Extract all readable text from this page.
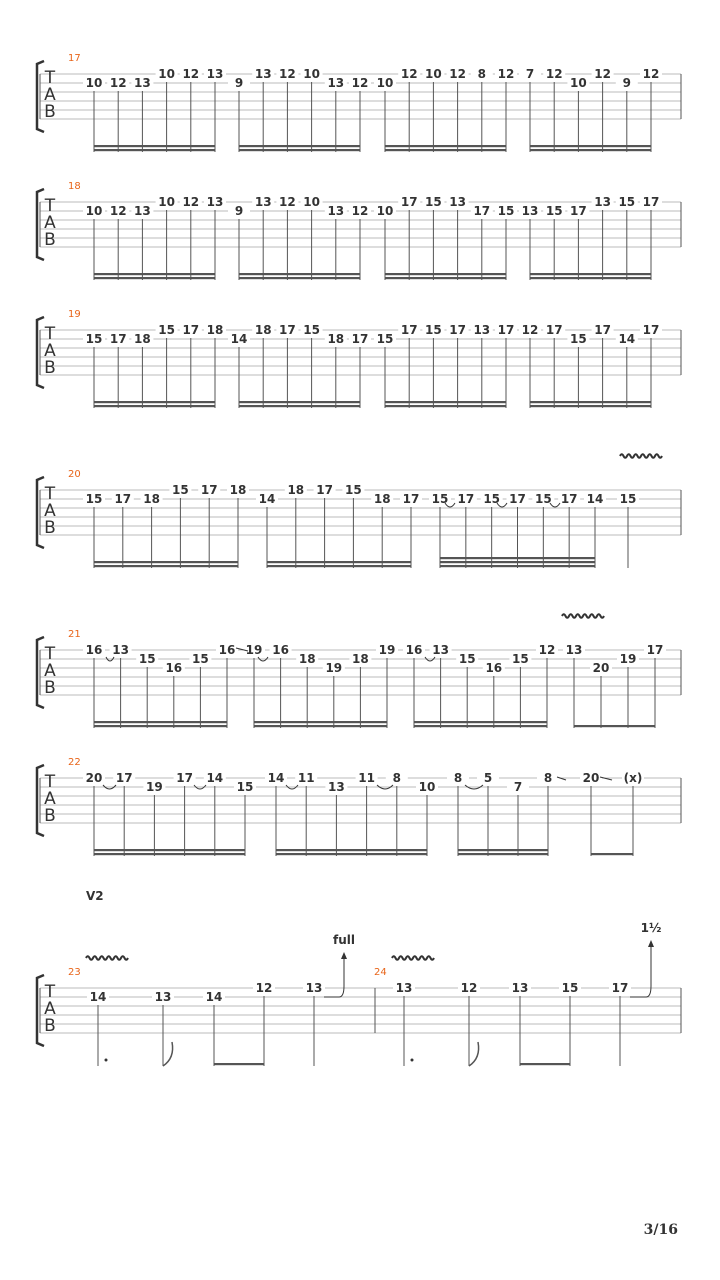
3/16
T
A
B
17
10 12 13
10 12 13
9
13 12 10
13 12 10
12 10 12 8 12 7 12
10
12
9
12
T
A
B
18
10 12 13
10 12 13
9
13 12 10
13 12 10
17 15 13
17 15 13 15 17
13 15 17
T
A
B
19
15 17 18
15 17 18
14
18 17 15
18 17 15
17 15 17 13 17 12 17
15
17
14
17
T
A
B
20
15 17 18
15 17 18
14
18 17 15
18 17 15 17 15 17 15 17 14 15
T
A
B
21
16 13
15
16
15
16 19 16
18
19
18
19 16 13
15
16
15
12 13
20
19
17
T
A
B
22
20 17
19
17 14
15
14 11
13
11 8
10
8 5
7
8	20 (x)
T
A
B
23	24
14	13	14
12	13	13	12	13	15	17
V2
full
1½
